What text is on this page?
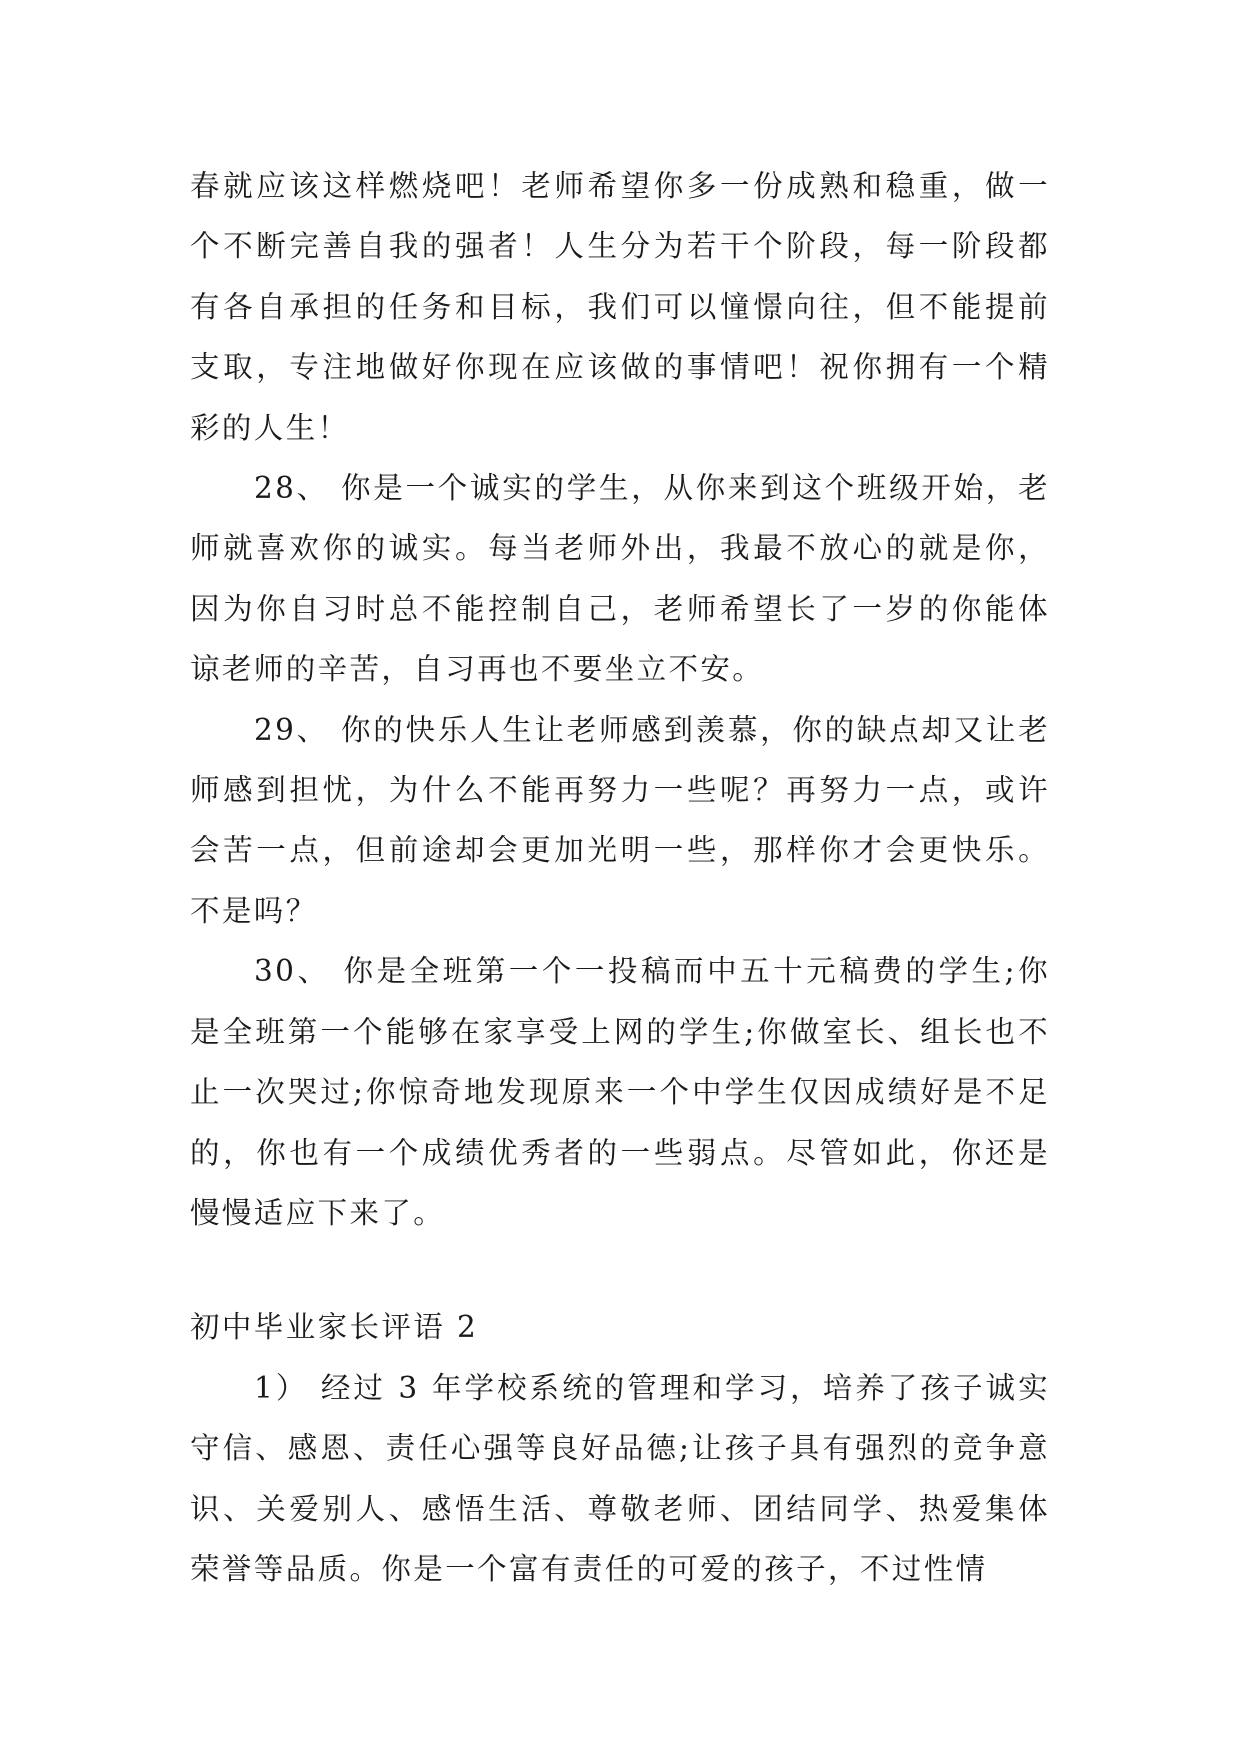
春就应该这样燃烧吧！老师希望你多一份成熟和稳重，做一个不断完善自我的强者！人生分为若干个阶段，每一阶段都有各自承担的任务和目标，我们可以憧憬向往，但不能提前支取，专注地做好你现在应该做的事情吧！祝你拥有一个精彩的人生！

28、 你是一个诚实的学生，从你来到这个班级开始，老师就喜欢你的诚实。每当老师外出，我最不放心的就是你，因为你自习时总不能控制自己，老师希望长了一岁的你能体谅老师的辛苦，自习再也不要坐立不安。

29、 你的快乐人生让老师感到羡慕，你的缺点却又让老师感到担忧，为什么不能再努力一些呢？再努力一点，或许会苦一点，但前途却会更加光明一些，那样你才会更快乐。不是吗？

30、 你是全班第一个一投稿而中五十元稿费的学生;你是全班第一个能够在家享受上网的学生;你做室长、组长也不止一次哭过;你惊奇地发现原来一个中学生仅因成绩好是不足的，你也有一个成绩优秀者的一些弱点。尽管如此，你还是慢慢适应下来了。

初中毕业家长评语 2

1） 经过 3 年学校系统的管理和学习，培养了孩子诚实守信、感恩、责任心强等良好品德;让孩子具有强烈的竞争意识、关爱别人、感悟生活、尊敬老师、团结同学、热爱集体荣誉等品质。你是一个富有责任的可爱的孩子，不过性情
